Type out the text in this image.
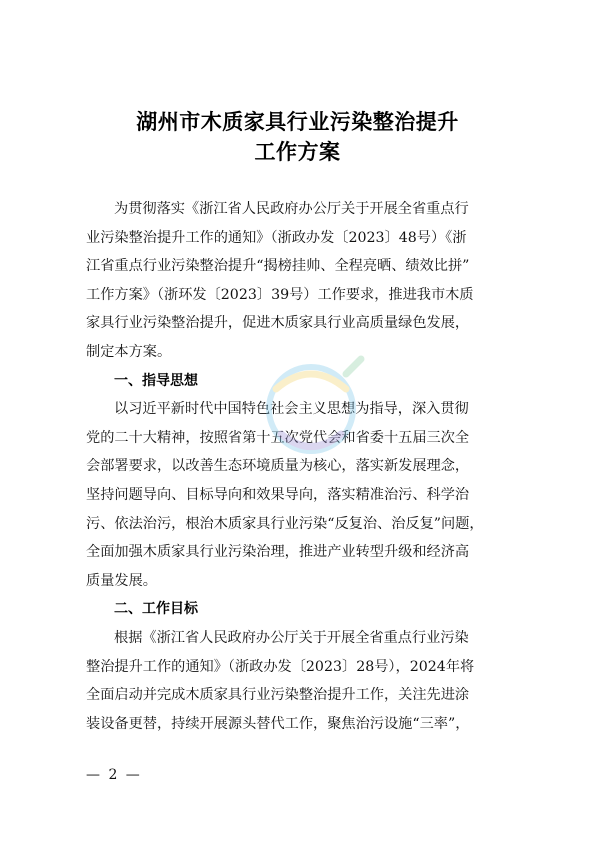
湖州市木质家具行业污染整治提升
工作方案
为贯彻落实《浙江省人民政府办公厅关于开展全省重点行
业污染整治提升工作的通知》（浙政办发〔2023〕48号）《浙
江省重点行业污染整治提升“揭榜挂帅、全程亮晒、绩效比拼”
工作方案》（浙环发〔2023〕39号）工作要求，推进我市木质
家具行业污染整治提升，促进木质家具行业高质量绿色发展，
制定本方案。
一、指导思想
以习近平新时代中国特色社会主义思想为指导，深入贯彻
党的二十大精神，按照省第十五次党代会和省委十五届三次全
会部署要求，以改善生态环境质量为核心，落实新发展理念，
坚持问题导向、目标导向和效果导向，落实精准治污、科学治
污、依法治污，根治木质家具行业污染“反复治、治反复”问题，
全面加强木质家具行业污染治理，推进产业转型升级和经济高
质量发展。
二、工作目标
根据《浙江省人民政府办公厅关于开展全省重点行业污染
整治提升工作的通知》（浙政办发〔2023〕28号），2024年将
全面启动并完成木质家具行业污染整治提升工作，关注先进涂
装设备更替，持续开展源头替代工作，聚焦治污设施“三率”，
— 2 —
